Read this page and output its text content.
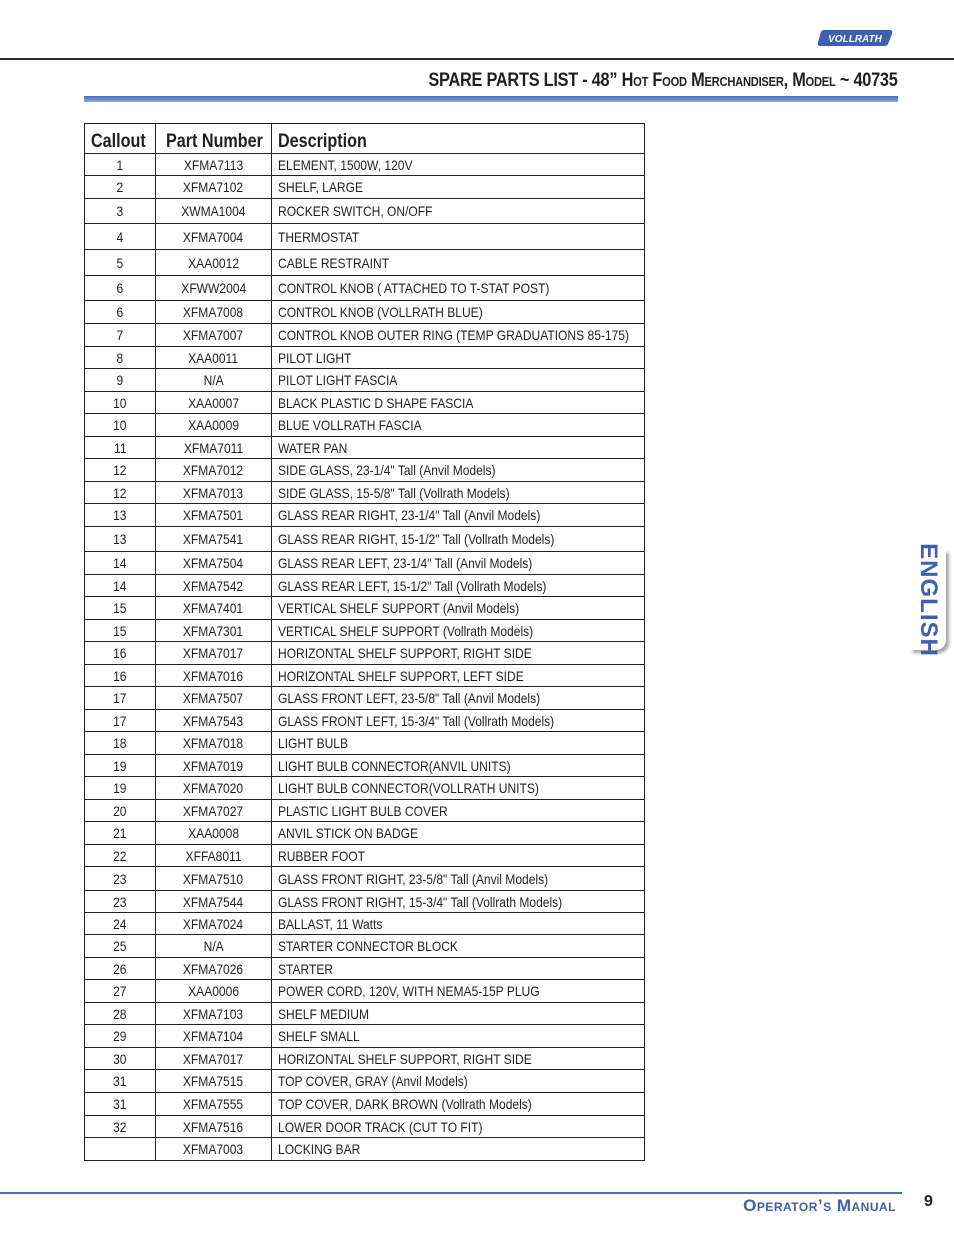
VOLLRATH
SPARE PARTS LIST - 48” Hot Food Merchandiser, Model ~ 40735
Callout	Part Number	Description
1	XFMA7113	ELEMENT, 1500W, 120V
2	XFMA7102	SHELF, LARGE
3	XWMA1004	ROCKER SWITCH, ON/OFF
4	XFMA7004	THERMOSTAT
5	XAA0012	CABLE RESTRAINT
6	XFWW2004	CONTROL KNOB ( ATTACHED TO T-STAT POST)
6	XFMA7008	CONTROL KNOB (VOLLRATH BLUE)
7	XFMA7007	CONTROL KNOB OUTER RING (TEMP GRADUATIONS 85-175)
8	XAA0011	PILOT LIGHT
9	N/A	PILOT LIGHT FASCIA
10	XAA0007	BLACK PLASTIC D SHAPE FASCIA
10	XAA0009	BLUE VOLLRATH FASCIA
11	XFMA7011	WATER PAN
12	XFMA7012	SIDE GLASS, 23-1/4" Tall (Anvil Models)
12	XFMA7013	SIDE GLASS, 15-5/8" Tall (Vollrath Models)
13	XFMA7501	GLASS REAR RIGHT, 23-1/4" Tall (Anvil Models)
13	XFMA7541	GLASS REAR RIGHT, 15-1/2" Tall (Vollrath Models)
14	XFMA7504	GLASS REAR LEFT, 23-1/4" Tall (Anvil Models)
14	XFMA7542	GLASS REAR LEFT, 15-1/2" Tall (Vollrath Models)
15	XFMA7401	VERTICAL SHELF SUPPORT (Anvil Models)
15	XFMA7301	VERTICAL SHELF SUPPORT (Vollrath Models)
16	XFMA7017	HORIZONTAL SHELF SUPPORT, RIGHT SIDE
16	XFMA7016	HORIZONTAL SHELF SUPPORT, LEFT SIDE
17	XFMA7507	GLASS FRONT LEFT, 23-5/8" Tall (Anvil Models)
17	XFMA7543	GLASS FRONT LEFT, 15-3/4" Tall (Vollrath Models)
18	XFMA7018	LIGHT BULB
19	XFMA7019	LIGHT BULB CONNECTOR(ANVIL UNITS)
19	XFMA7020	LIGHT BULB CONNECTOR(VOLLRATH UNITS)
20	XFMA7027	PLASTIC LIGHT BULB COVER
21	XAA0008	ANVIL STICK ON BADGE
22	XFFA8011	RUBBER FOOT
23	XFMA7510	GLASS FRONT RIGHT, 23-5/8" Tall (Anvil Models)
23	XFMA7544	GLASS FRONT RIGHT, 15-3/4" Tall (Vollrath Models)
24	XFMA7024	BALLAST, 11 Watts
25	N/A	STARTER CONNECTOR BLOCK
26	XFMA7026	STARTER
27	XAA0006	POWER CORD, 120V, WITH NEMA5-15P PLUG
28	XFMA7103	SHELF MEDIUM
29	XFMA7104	SHELF SMALL
30	XFMA7017	HORIZONTAL SHELF SUPPORT, RIGHT SIDE
31	XFMA7515	TOP COVER, GRAY (Anvil Models)
31	XFMA7555	TOP COVER, DARK BROWN (Vollrath Models)
32	XFMA7516	LOWER DOOR TRACK (CUT TO FIT)
	XFMA7003	LOCKING BAR
ENGLISH
Operator’s Manual 9
